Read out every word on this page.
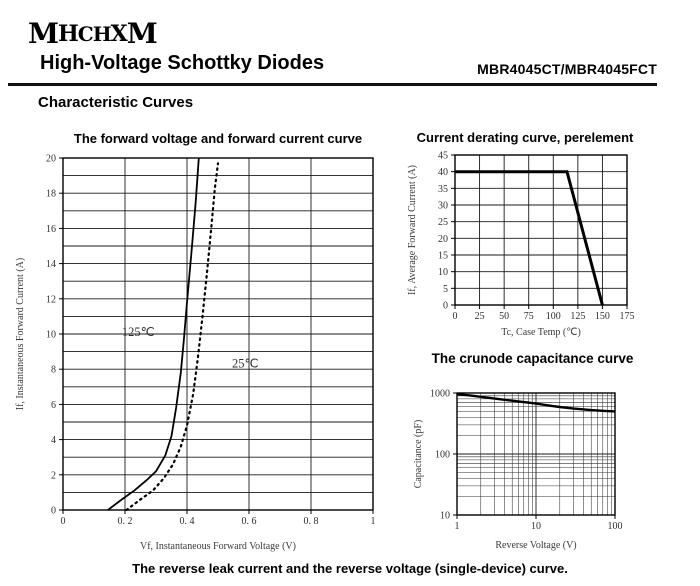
M H C H X M
High-Voltage Schottky Diodes	MBR4045CT/MBR4045FCT
Characteristic Curves
The forward voltage and forward current curve
0	0. 2	0. 4	0. 6	0. 8	1
0
2
4
6
8
10
12
14
16
18
20
125℃
25℃
Vf, Instantaneous Forward Voltage (V)
If, Instantaneous Forward Current (A)
Current derating curve, perelement
0 25 50 75 100 125 150 175
0
5
10
15
20
25
30
35
40
45
Tc, Case Temp (℃)
If, Average Forward Current (A)
The crunode capacitance curve
1	10	100
10
100
1000
Reverse Voltage (V)
Capacitance (pF)
The reverse leak current and the reverse voltage (single-device) curve.
